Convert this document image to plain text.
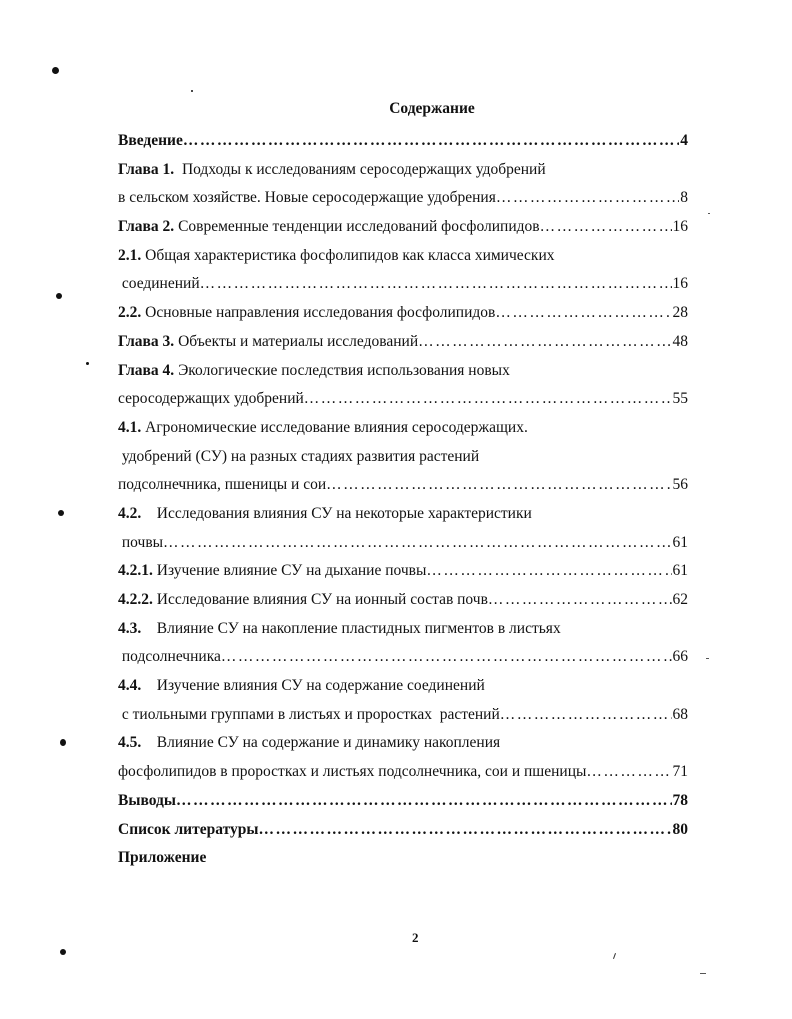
Содержание
Введение ……………………………………………………………………………………………………………………………………………………	4
Глава 1.  Подходы к исследованиям серосодержащих удобрений
в сельском хозяйстве. Новые серосодержащие удобрения ……………………………………………………………………………………………………………………………………………………	8
Глава 2. Современные тенденции исследований фосфолипидов ……………………………………………………………………………………………………………………………………………………	16
2.1. Общая характеристика фосфолипидов как класса химических
соединений ……………………………………………………………………………………………………………………………………………………	16
2.2. Основные направления исследования фосфолипидов ……………………………………………………………………………………………………………………………………………………	28
Глава 3. Объекты и материалы исследований ……………………………………………………………………………………………………………………………………………………	48
Глава 4. Экологические последствия использования новых
серосодержащих удобрений ……………………………………………………………………………………………………………………………………………………	55
4.1. Агрономические исследование влияния серосодержащих.
удобрений (СУ) на разных стадиях развития растений
подсолнечника, пшеницы и сои ……………………………………………………………………………………………………………………………………………………	56
4.2.    Исследования влияния СУ на некоторые характеристики
почвы ……………………………………………………………………………………………………………………………………………………	61
4.2.1. Изучение влияние СУ на дыхание почвы ……………………………………………………………………………………………………………………………………………………	61
4.2.2. Исследование влияния СУ на ионный состав почв ……………………………………………………………………………………………………………………………………………………	62
4.3.    Влияние СУ на накопление пластидных пигментов в листьях
подсолнечника ……………………………………………………………………………………………………………………………………………………	66
4.4.    Изучение влияния СУ на содержание соединений
с тиольными группами в листьях и проростках  растений ……………………………………………………………………………………………………………………………………………………	68
4.5.    Влияние СУ на содержание и динамику накопления
фосфолипидов в проростках и листьях подсолнечника, сои и пшеницы ……………………………………………………………………………………………………………………………………………………	71
Выводы ……………………………………………………………………………………………………………………………………………………	78
Список литературы ……………………………………………………………………………………………………………………………………………………	80
Приложение
2
